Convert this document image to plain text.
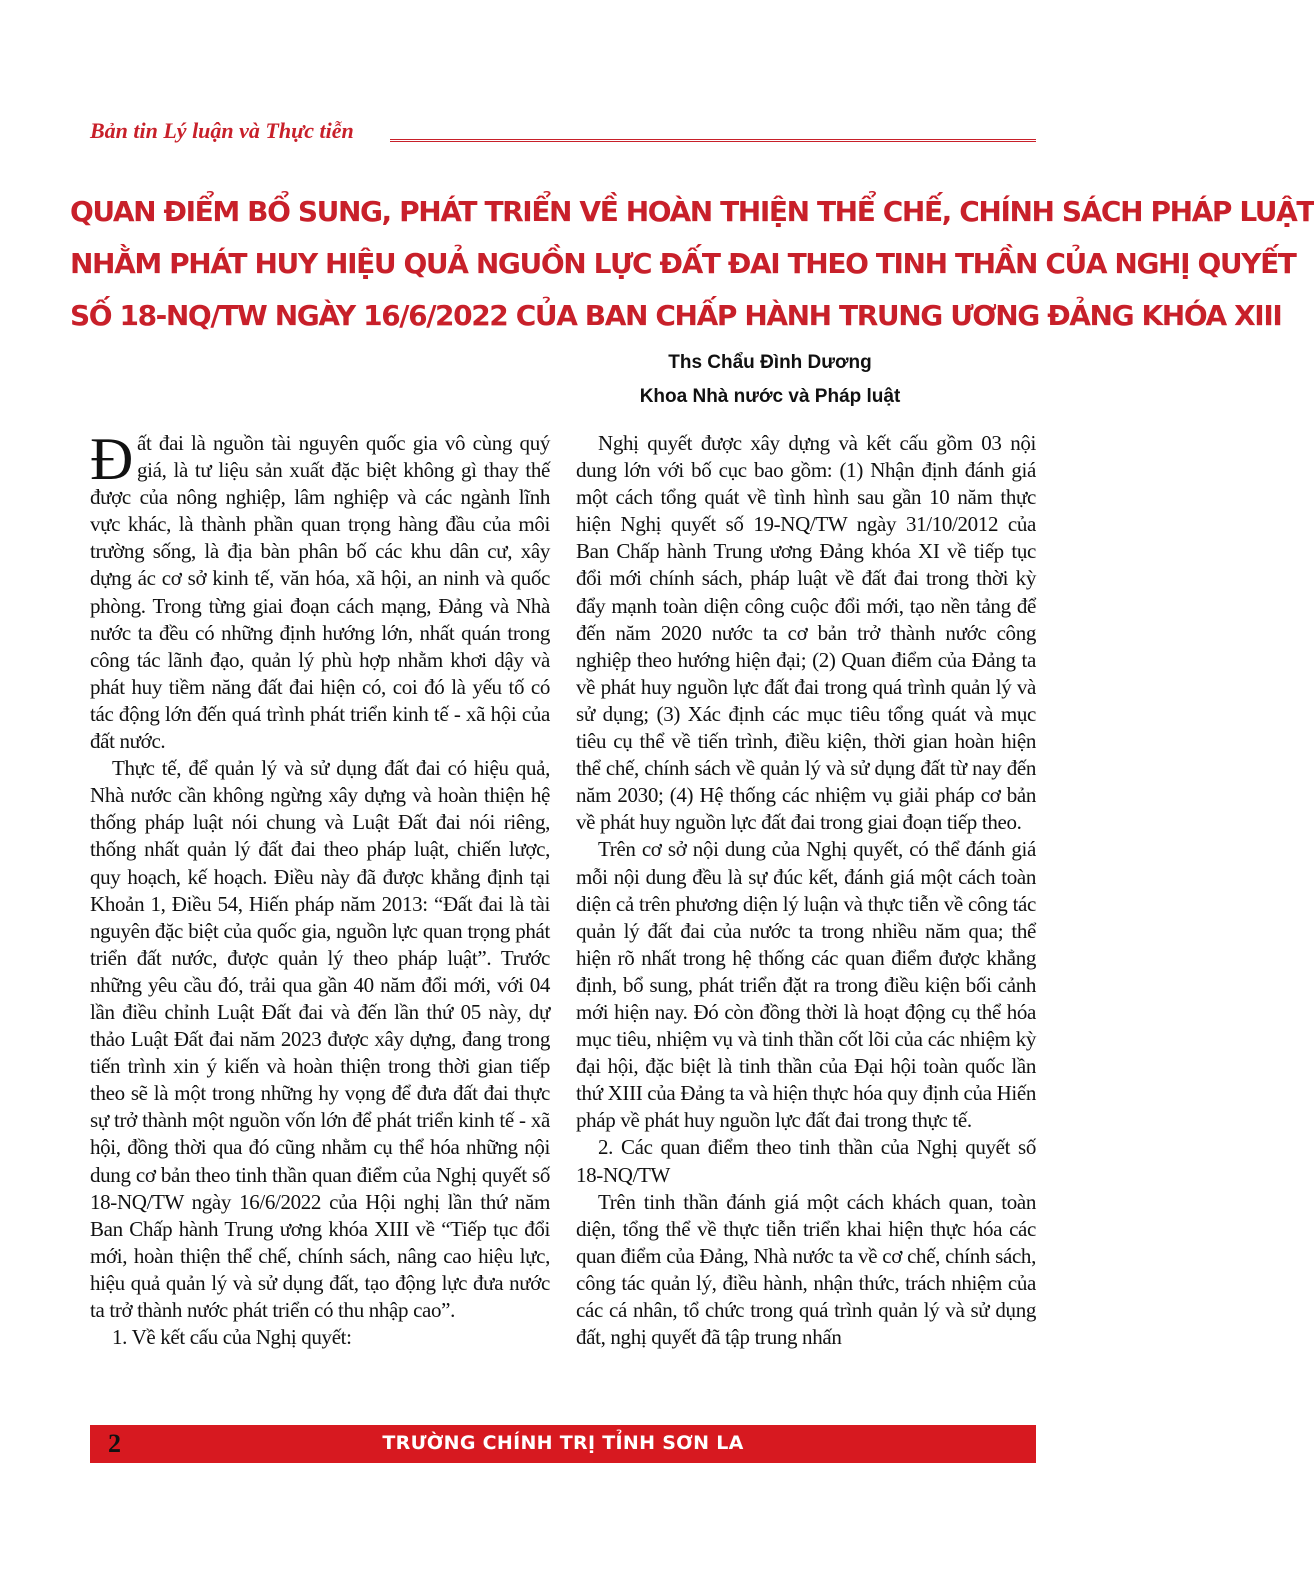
Bản tin Lý luận và Thực tiễn
QUAN ĐIỂM BỔ SUNG, PHÁT TRIỂN VỀ HOÀN THIỆN THỂ CHẾ, CHÍNH SÁCH PHÁP LUẬT
NHẰM PHÁT HUY HIỆU QUẢ NGUỒN LỰC ĐẤT ĐAI THEO TINH THẦN CỦA NGHỊ QUYẾT
SỐ 18-NQ/TW NGÀY 16/6/2022 CỦA BAN CHẤP HÀNH TRUNG ƯƠNG ĐẢNG KHÓA XIII
Ths Chẩu Đình Dương
Khoa Nhà nước và Pháp luật

Đất đai là nguồn tài nguyên quốc gia vô cùng quý giá, là tư liệu sản xuất đặc biệt không gì thay thế được của nông nghiệp, lâm nghiệp và các ngành lĩnh vực khác, là thành phần quan trọng hàng đầu của môi trường sống, là địa bàn phân bố các khu dân cư, xây dựng ác cơ sở kinh tế, văn hóa, xã hội, an ninh và quốc phòng. Trong từng giai đoạn cách mạng, Đảng và Nhà nước ta đều có những định hướng lớn, nhất quán trong công tác lãnh đạo, quản lý phù hợp nhằm khơi dậy và phát huy tiềm năng đất đai hiện có, coi đó là yếu tố có tác động lớn đến quá trình phát triển kinh tế - xã hội của đất nước.

Thực tế, để quản lý và sử dụng đất đai có hiệu quả, Nhà nước cần không ngừng xây dựng và hoàn thiện hệ thống pháp luật nói chung và Luật Đất đai nói riêng, thống nhất quản lý đất đai theo pháp luật, chiến lược, quy hoạch, kế hoạch. Điều này đã được khẳng định tại Khoản 1, Điều 54, Hiến pháp năm 2013: “Đất đai là tài nguyên đặc biệt của quốc gia, nguồn lực quan trọng phát triển đất nước, được quản lý theo pháp luật”. Trước những yêu cầu đó, trải qua gần 40 năm đổi mới, với 04 lần điều chỉnh Luật Đất đai và đến lần thứ 05 này, dự thảo Luật Đất đai năm 2023 được xây dựng, đang trong tiến trình xin ý kiến và hoàn thiện trong thời gian tiếp theo sẽ là một trong những hy vọng để đưa đất đai thực sự trở thành một nguồn vốn lớn để phát triển kinh tế - xã hội, đồng thời qua đó cũng nhằm cụ thể hóa những nội dung cơ bản theo tinh thần quan điểm của Nghị quyết số 18-NQ/TW ngày 16/6/2022 của Hội nghị lần thứ năm Ban Chấp hành Trung ương khóa XIII về “Tiếp tục đổi mới, hoàn thiện thể chế, chính sách, nâng cao hiệu lực, hiệu quả quản lý và sử dụng đất, tạo động lực đưa nước ta trở thành nước phát triển có thu nhập cao”.

1. Về kết cấu của Nghị quyết:

Nghị quyết được xây dựng và kết cấu gồm 03 nội dung lớn với bố cục bao gồm: (1) Nhận định đánh giá một cách tổng quát về tình hình sau gần 10 năm thực hiện Nghị quyết số 19-NQ/TW ngày 31/10/2012 của Ban Chấp hành Trung ương Đảng khóa XI về tiếp tục đổi mới chính sách, pháp luật về đất đai trong thời kỳ đẩy mạnh toàn diện công cuộc đổi mới, tạo nền tảng để đến năm 2020 nước ta cơ bản trở thành nước công nghiệp theo hướng hiện đại; (2) Quan điểm của Đảng ta về phát huy nguồn lực đất đai trong quá trình quản lý và sử dụng; (3) Xác định các mục tiêu tổng quát và mục tiêu cụ thể về tiến trình, điều kiện, thời gian hoàn hiện thể chế, chính sách về quản lý và sử dụng đất từ nay đến năm 2030; (4) Hệ thống các nhiệm vụ giải pháp cơ bản về phát huy nguồn lực đất đai trong giai đoạn tiếp theo.

Trên cơ sở nội dung của Nghị quyết, có thể đánh giá mỗi nội dung đều là sự đúc kết, đánh giá một cách toàn diện cả trên phương diện lý luận và thực tiễn về công tác quản lý đất đai của nước ta trong nhiều năm qua; thể hiện rõ nhất trong hệ thống các quan điểm được khẳng định, bổ sung, phát triển đặt ra trong điều kiện bối cảnh mới hiện nay. Đó còn đồng thời là hoạt động cụ thể hóa mục tiêu, nhiệm vụ và tinh thần cốt lõi của các nhiệm kỳ đại hội, đặc biệt là tinh thần của Đại hội toàn quốc lần thứ XIII của Đảng ta và hiện thực hóa quy định của Hiến pháp về phát huy nguồn lực đất đai trong thực tế.

2. Các quan điểm theo tinh thần của Nghị quyết số 18-NQ/TW

Trên tinh thần đánh giá một cách khách quan, toàn diện, tổng thể về thực tiễn triển khai hiện thực hóa các quan điểm của Đảng, Nhà nước ta về cơ chế, chính sách, công tác quản lý, điều hành, nhận thức, trách nhiệm của các cá nhân, tổ chức trong quá trình quản lý và sử dụng đất, nghị quyết đã tập trung nhấn

2	TRƯỜNG CHÍNH TRỊ TỈNH SƠN LA
